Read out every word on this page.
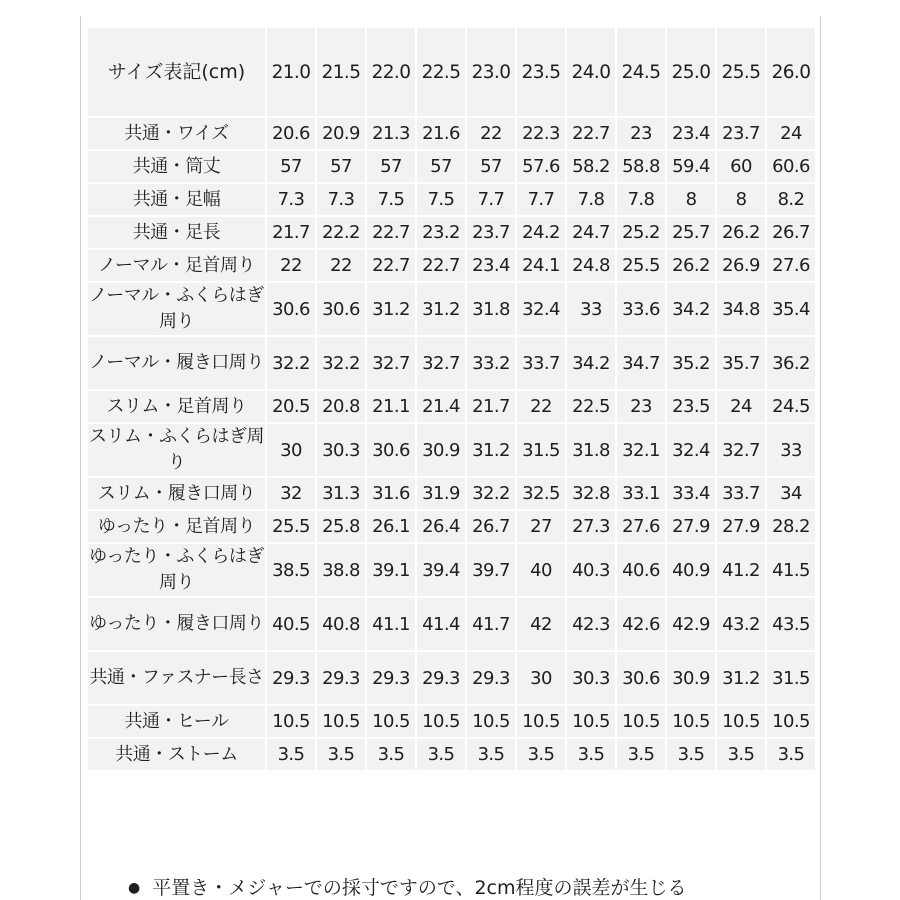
サイズ表記(cm)	21.0	21.5	22.0	22.5	23.0	23.5	24.0	24.5	25.0	25.5	26.0
共通・ワイズ	20.6	20.9	21.3	21.6	22	22.3	22.7	23	23.4	23.7	24
共通・筒丈	57	57	57	57	57	57.6	58.2	58.8	59.4	60	60.6
共通・足幅	7.3	7.3	7.5	7.5	7.7	7.7	7.8	7.8	8	8	8.2
共通・足長	21.7	22.2	22.7	23.2	23.7	24.2	24.7	25.2	25.7	26.2	26.7
ノーマル・足首周り	22	22	22.7	22.7	23.4	24.1	24.8	25.5	26.2	26.9	27.6
ノーマル・ふくらはぎ周り	30.6	30.6	31.2	31.2	31.8	32.4	33	33.6	34.2	34.8	35.4
ノーマル・履き口周り	32.2	32.2	32.7	32.7	33.2	33.7	34.2	34.7	35.2	35.7	36.2
スリム・足首周り	20.5	20.8	21.1	21.4	21.7	22	22.5	23	23.5	24	24.5
スリム・ふくらはぎ周り	30	30.3	30.6	30.9	31.2	31.5	31.8	32.1	32.4	32.7	33
スリム・履き口周り	32	31.3	31.6	31.9	32.2	32.5	32.8	33.1	33.4	33.7	34
ゆったり・足首周り	25.5	25.8	26.1	26.4	26.7	27	27.3	27.6	27.9	27.9	28.2
ゆったり・ふくらはぎ周り	38.5	38.8	39.1	39.4	39.7	40	40.3	40.6	40.9	41.2	41.5
ゆったり・履き口周り	40.5	40.8	41.1	41.4	41.7	42	42.3	42.6	42.9	43.2	43.5
共通・ファスナー長さ	29.3	29.3	29.3	29.3	29.3	30	30.3	30.6	30.9	31.2	31.5
共通・ヒール	10.5	10.5	10.5	10.5	10.5	10.5	10.5	10.5	10.5	10.5	10.5
共通・ストーム	3.5	3.5	3.5	3.5	3.5	3.5	3.5	3.5	3.5	3.5	3.5
● 平置き・メジャーでの採寸ですので、2cm程度の誤差が生じる
